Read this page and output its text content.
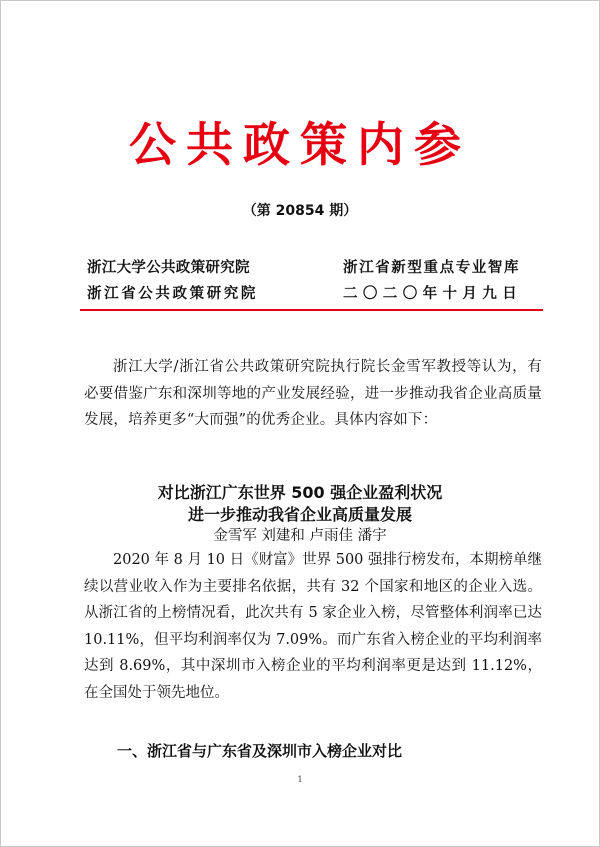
公共政策内参
（第 20854 期）
浙江大学公共政策研究院
浙江省公共政策研究院
浙江省新型重点专业智库
二〇二〇年十月九日
浙江大学/浙江省公共政策研究院执行院长金雪军教授等认为，有必要借鉴广东和深圳等地的产业发展经验，进一步推动我省企业高质量发展，培养更多“大而强”的优秀企业。具体内容如下：
对比浙江广东世界 500 强企业盈利状况
进一步推动我省企业高质量发展
金雪军 刘建和 卢雨佳 潘宇
2020 年 8 月 10 日《财富》世界 500 强排行榜发布，本期榜单继续以营业收入作为主要排名依据，共有 32 个国家和地区的企业入选。从浙江省的上榜情况看，此次共有 5 家企业入榜，尽管整体利润率已达 10.11%，但平均利润率仅为 7.09%。而广东省入榜企业的平均利润率达到 8.69%，其中深圳市入榜企业的平均利润率更是达到 11.12%，在全国处于领先地位。
一、浙江省与广东省及深圳市入榜企业对比
1
